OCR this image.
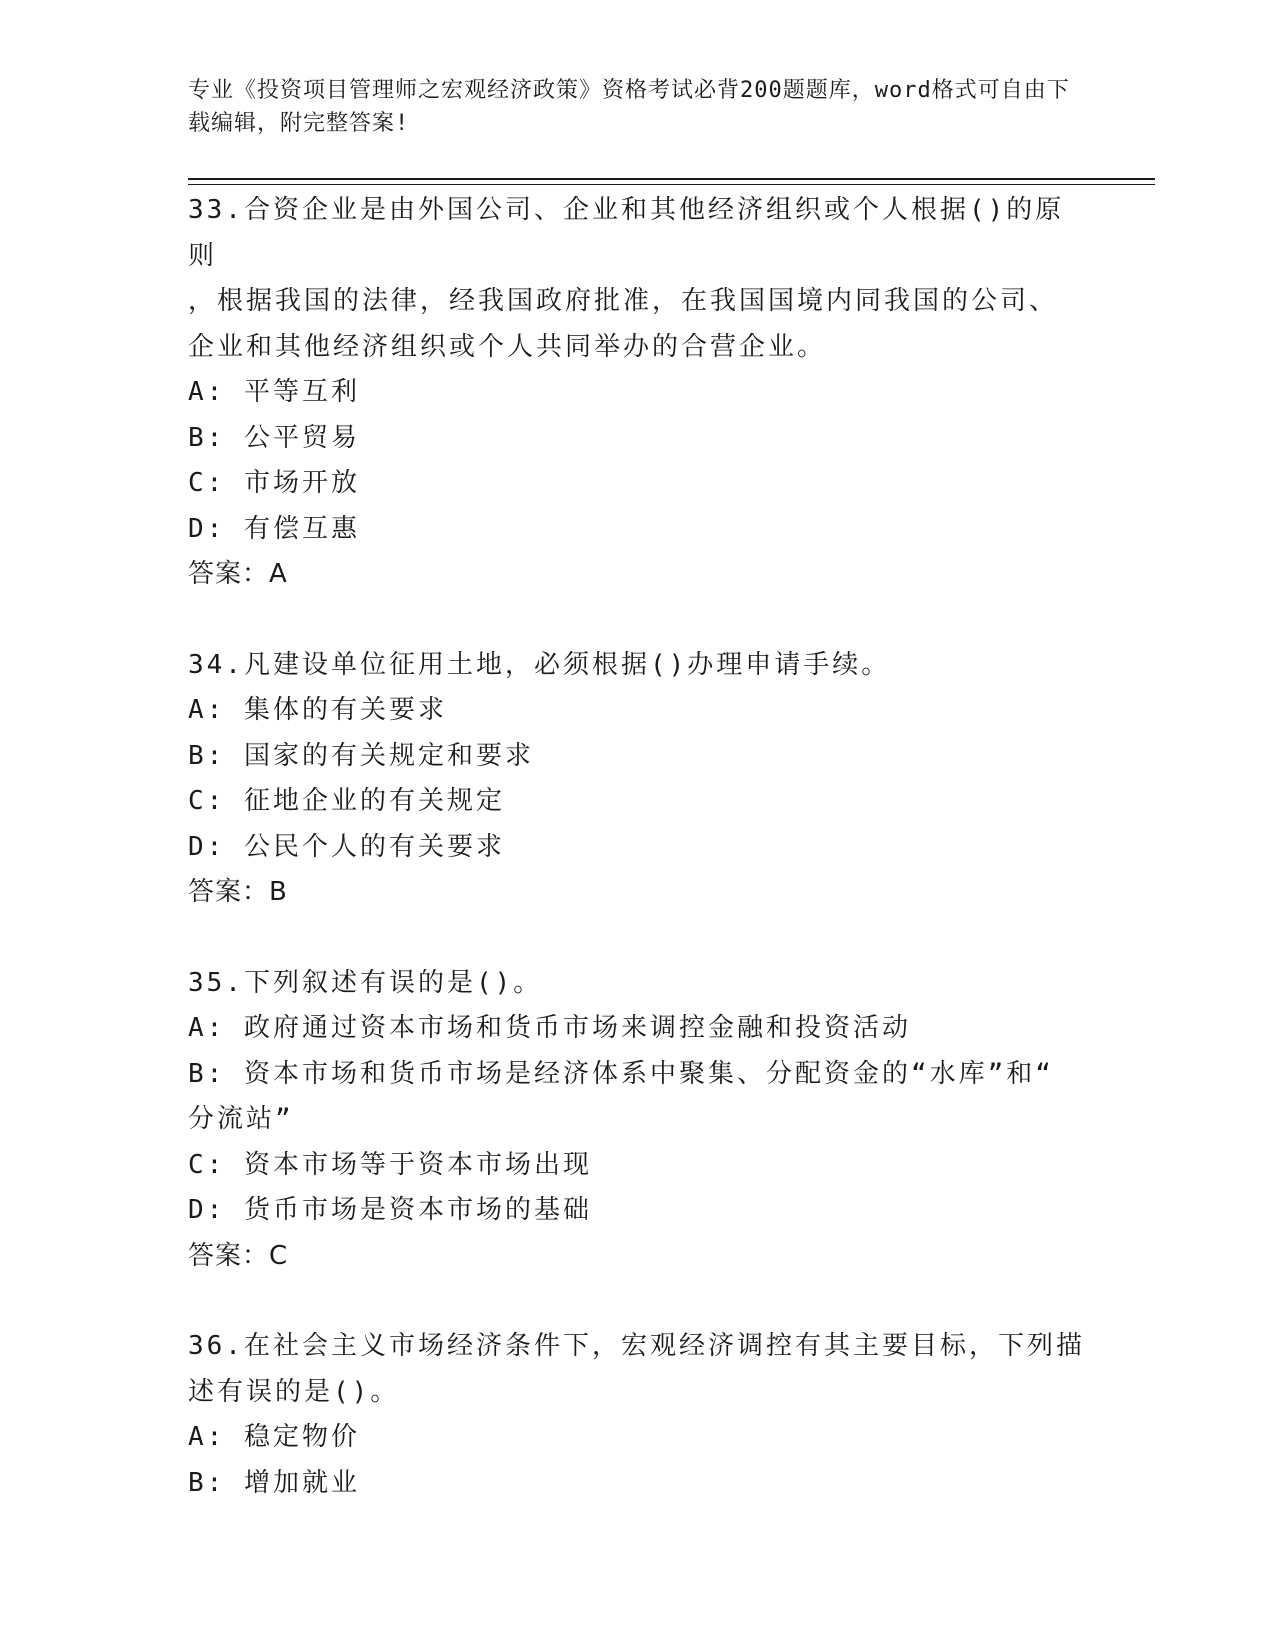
专业《投资项目管理师之宏观经济政策》资格考试必背200题题库，word格式可自由下载编辑，附完整答案!

33.合资企业是由外国公司、企业和其他经济组织或个人根据()的原则

，根据我国的法律，经我国政府批准，在我国国境内同我国的公司、

企业和其他经济组织或个人共同举办的合营企业。

A: 平等互利

B: 公平贸易

C: 市场开放

D: 有偿互惠

答案：A

34.凡建设单位征用土地，必须根据()办理申请手续。

A: 集体的有关要求

B: 国家的有关规定和要求

C: 征地企业的有关规定

D: 公民个人的有关要求

答案：B

35.下列叙述有误的是()。

A: 政府通过资本市场和货币市场来调控金融和投资活动

B: 资本市场和货币市场是经济体系中聚集、分配资金的“水库”和“

分流站”

C: 资本市场等于资本市场出现

D: 货币市场是资本市场的基础

答案：C

36.在社会主义市场经济条件下，宏观经济调控有其主要目标，下列描

述有误的是()。

A: 稳定物价

B: 增加就业
